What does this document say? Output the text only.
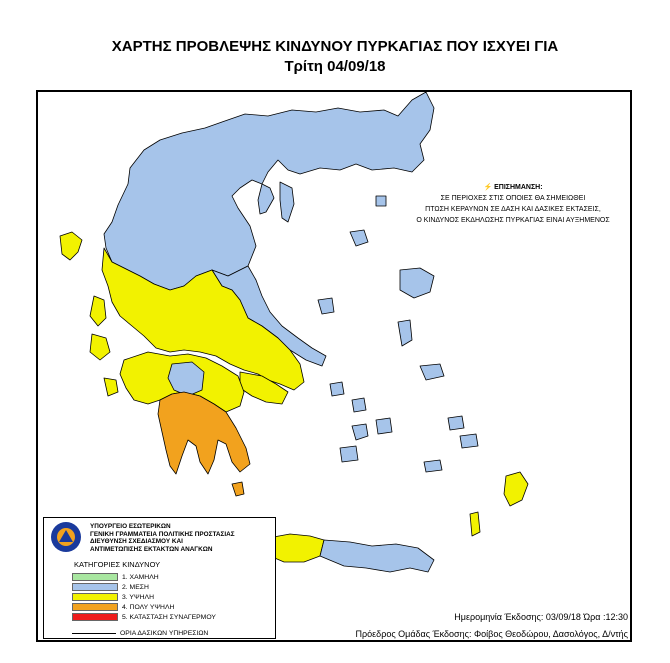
ΧΑΡΤΗΣ ΠΡΟΒΛΕΨΗΣ ΚΙΝΔΥΝΟΥ ΠΥΡΚΑΓΙΑΣ ΠΟΥ ΙΣΧΥΕΙ ΓΙΑ
Τρίτη 04/09/18
⚡ ΕΠΙΣΗΜΑΝΣΗ:
ΣΕ ΠΕΡΙΟΧΕΣ ΣΤΙΣ ΟΠΟΙΕΣ ΘΑ ΣΗΜΕΙΩΘΕΙ
ΠΤΩΣΗ ΚΕΡΑΥΝΩΝ ΣΕ ΔΑΣΗ ΚΑΙ ΔΑΣΙΚΕΣ ΕΚΤΑΣΕΙΣ,
Ο ΚΙΝΔΥΝΟΣ ΕΚΔΗΛΩΣΗΣ ΠΥΡΚΑΓΙΑΣ ΕΙΝΑΙ ΑΥΞΗΜΕΝΟΣ
ΥΠΟΥΡΓΕΙΟ ΕΣΩΤΕΡΙΚΩΝ
ΓΕΝΙΚΗ ΓΡΑΜΜΑΤΕΙΑ ΠΟΛΙΤΙΚΗΣ ΠΡΟΣΤΑΣΙΑΣ
ΔΙΕΥΘΥΝΣΗ ΣΧΕΔΙΑΣΜΟΥ ΚΑΙ
ΑΝΤΙΜΕΤΩΠΙΣΗΣ ΕΚΤΑΚΤΩΝ ΑΝΑΓΚΩΝ
ΚΑΤΗΓΟΡΙΕΣ ΚΙΝΔΥΝΟΥ
1. ΧΑΜΗΛΗ
2. ΜΕΣΗ
3. ΥΨΗΛΗ
4. ΠΟΛΥ ΥΨΗΛΗ
5. ΚΑΤΑΣΤΑΣΗ ΣΥΝΑΓΕΡΜΟΥ
ΟΡΙΑ ΔΑΣΙΚΩΝ ΥΠΗΡΕΣΙΩΝ
Ημερομηνία Έκδοσης: 03/09/18 Ώρα :12:30
Πρόεδρος Ομάδας Έκδοσης: Φοίβος Θεοδώρου, Δασολόγος, Δ/ντής
